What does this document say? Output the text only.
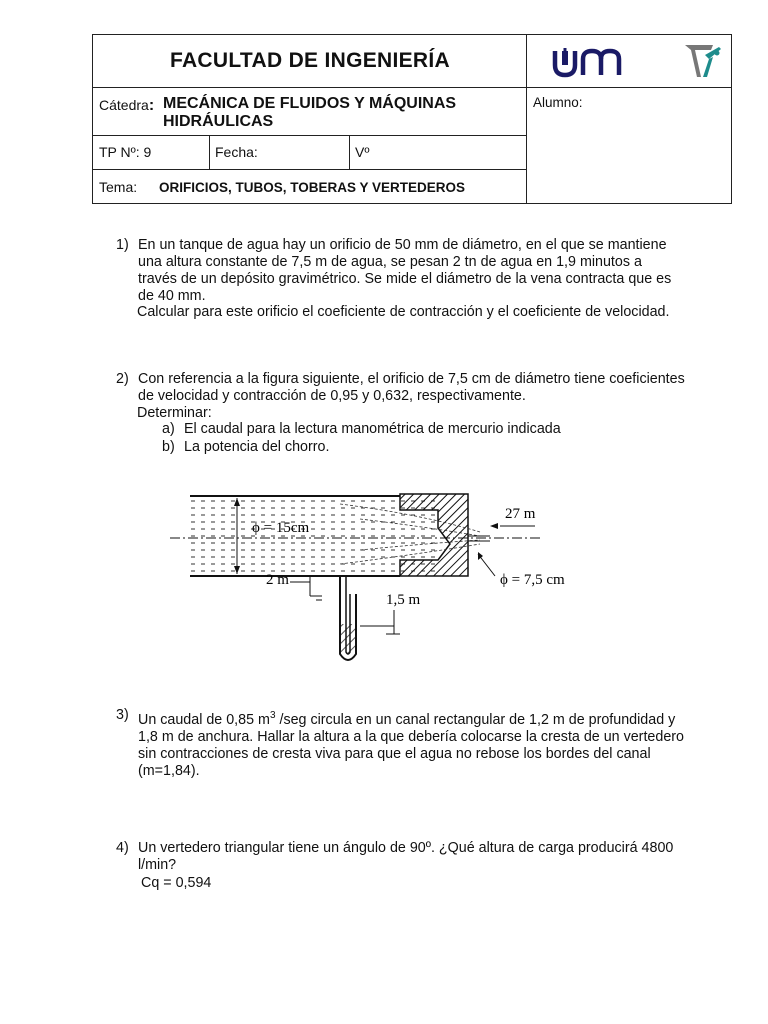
FACULTAD DE INGENIERÍA
Cátedra: MECÁNICA DE FLUIDOS Y MÁQUINAS
HIDRÁULICAS
Alumno:
TP Nº: 9	Fecha:	Vº
Tema: ORIFICIOS, TUBOS, TOBERAS Y VERTEDEROS
1) En un tanque de agua hay un orificio de 50 mm de diámetro, en el que se mantiene
una altura constante de 7,5 m de agua, se pesan 2 tn de agua en 1,9 minutos a
través de un depósito gravimétrico. Se mide el diámetro de la vena contracta que es
de 40 mm.
Calcular para este orificio el coeficiente de contracción y el coeficiente de velocidad.
2) Con referencia a la figura siguiente, el orificio de 7,5 cm de diámetro tiene coeficientes
de velocidad y contracción de 0,95 y 0,632, respectivamente.
Determinar:
a) El caudal para la lectura manométrica de mercurio indicada
b) La potencia del chorro.
ϕ = 15cm
27 m
ϕ = 7,5 cm
2 m
1,5 m
3) Un caudal de 0,85 $m^3$ /seg circula en un canal rectangular de 1,2 m de profundidad y
1,8 m de anchura. Hallar la altura a la que debería colocarse la cresta de un vertedero
sin contracciones de cresta viva para que el agua no rebose los bordes del canal
(m=1,84).
4) Un vertedero triangular tiene un ángulo de 90º. ¿Qué altura de carga producirá 4800
l/min?
Cq = 0,594
